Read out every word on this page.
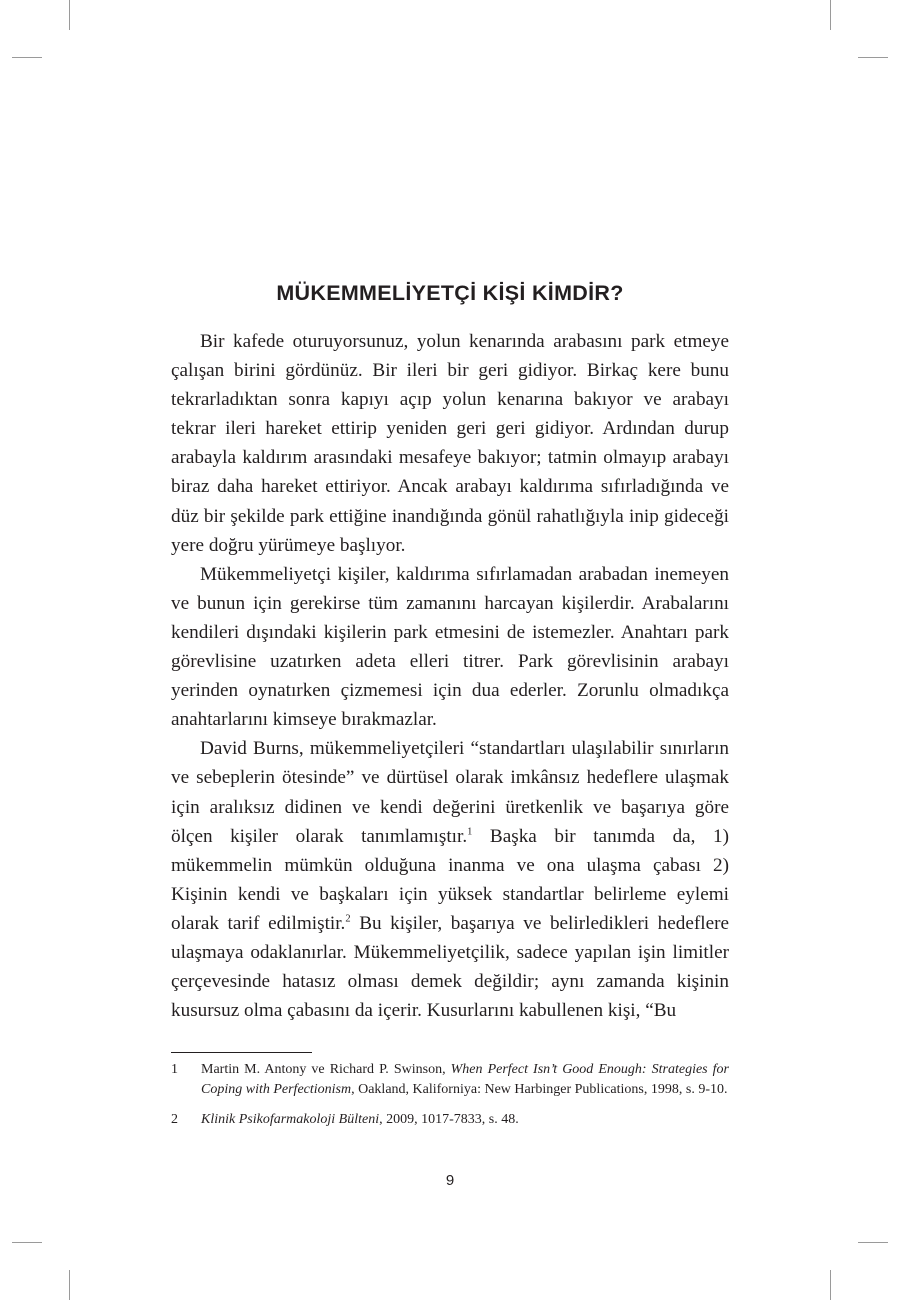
MÜKEMMELİYETÇİ KİŞİ KİMDİR?

Bir kafede oturuyorsunuz, yolun kenarında arabasını park etmeye çalışan birini gördünüz. Bir ileri bir geri gidiyor. Birkaç kere bunu tekrarladıktan sonra kapıyı açıp yolun kenarına bakıyor ve arabayı tekrar ileri hareket ettirip yeniden geri geri gidiyor. Ardından durup arabayla kaldırım arasındaki mesafeye bakıyor; tatmin olmayıp arabayı biraz daha hareket ettiriyor. Ancak arabayı kaldırıma sıfırladığında ve düz bir şekilde park ettiğine inandığında gönül rahatlığıyla inip gideceği yere doğru yürümeye başlıyor.

Mükemmeliyetçi kişiler, kaldırıma sıfırlamadan arabadan inemeyen ve bunun için gerekirse tüm zamanını harcayan kişilerdir. Arabalarını kendileri dışındaki kişilerin park etmesini de istemezler. Anahtarı park görevlisine uzatırken adeta elleri titrer. Park görevlisinin arabayı yerinden oynatırken çizmemesi için dua ederler. Zorunlu olmadıkça anahtarlarını kimseye bırakmazlar.

David Burns, mükemmeliyetçileri “standartları ulaşılabilir sınırların ve sebeplerin ötesinde” ve dürtüsel olarak imkânsız hedeflere ulaşmak için aralıksız didinen ve kendi değerini üretkenlik ve başarıya göre ölçen kişiler olarak tanımlamıştır.$^1$ Başka bir tanımda da, 1) mükemmelin mümkün olduğuna inanma ve ona ulaşma çabası 2) Kişinin kendi ve başkaları için yüksek standartlar belirleme eylemi olarak tarif edilmiştir.$^2$ Bu kişiler, başarıya ve belirledikleri hedeflere ulaşmaya odaklanırlar. Mükemmeliyetçilik, sadece yapılan işin limitler çerçevesinde hatasız olması demek değildir; aynı zamanda kişinin kusursuz olma çabasını da içerir. Kusurlarını kabullenen kişi, “Bu

1 Martin M. Antony ve Richard P. Swinson, When Perfect Isn’t Good Enough: Strategies for Coping with Perfectionism, Oakland, Kaliforniya: New Harbinger Publications, 1998, s. 9-10.

2 Klinik Psikofarmakoloji Bülteni, 2009, 1017-7833, s. 48.

9
